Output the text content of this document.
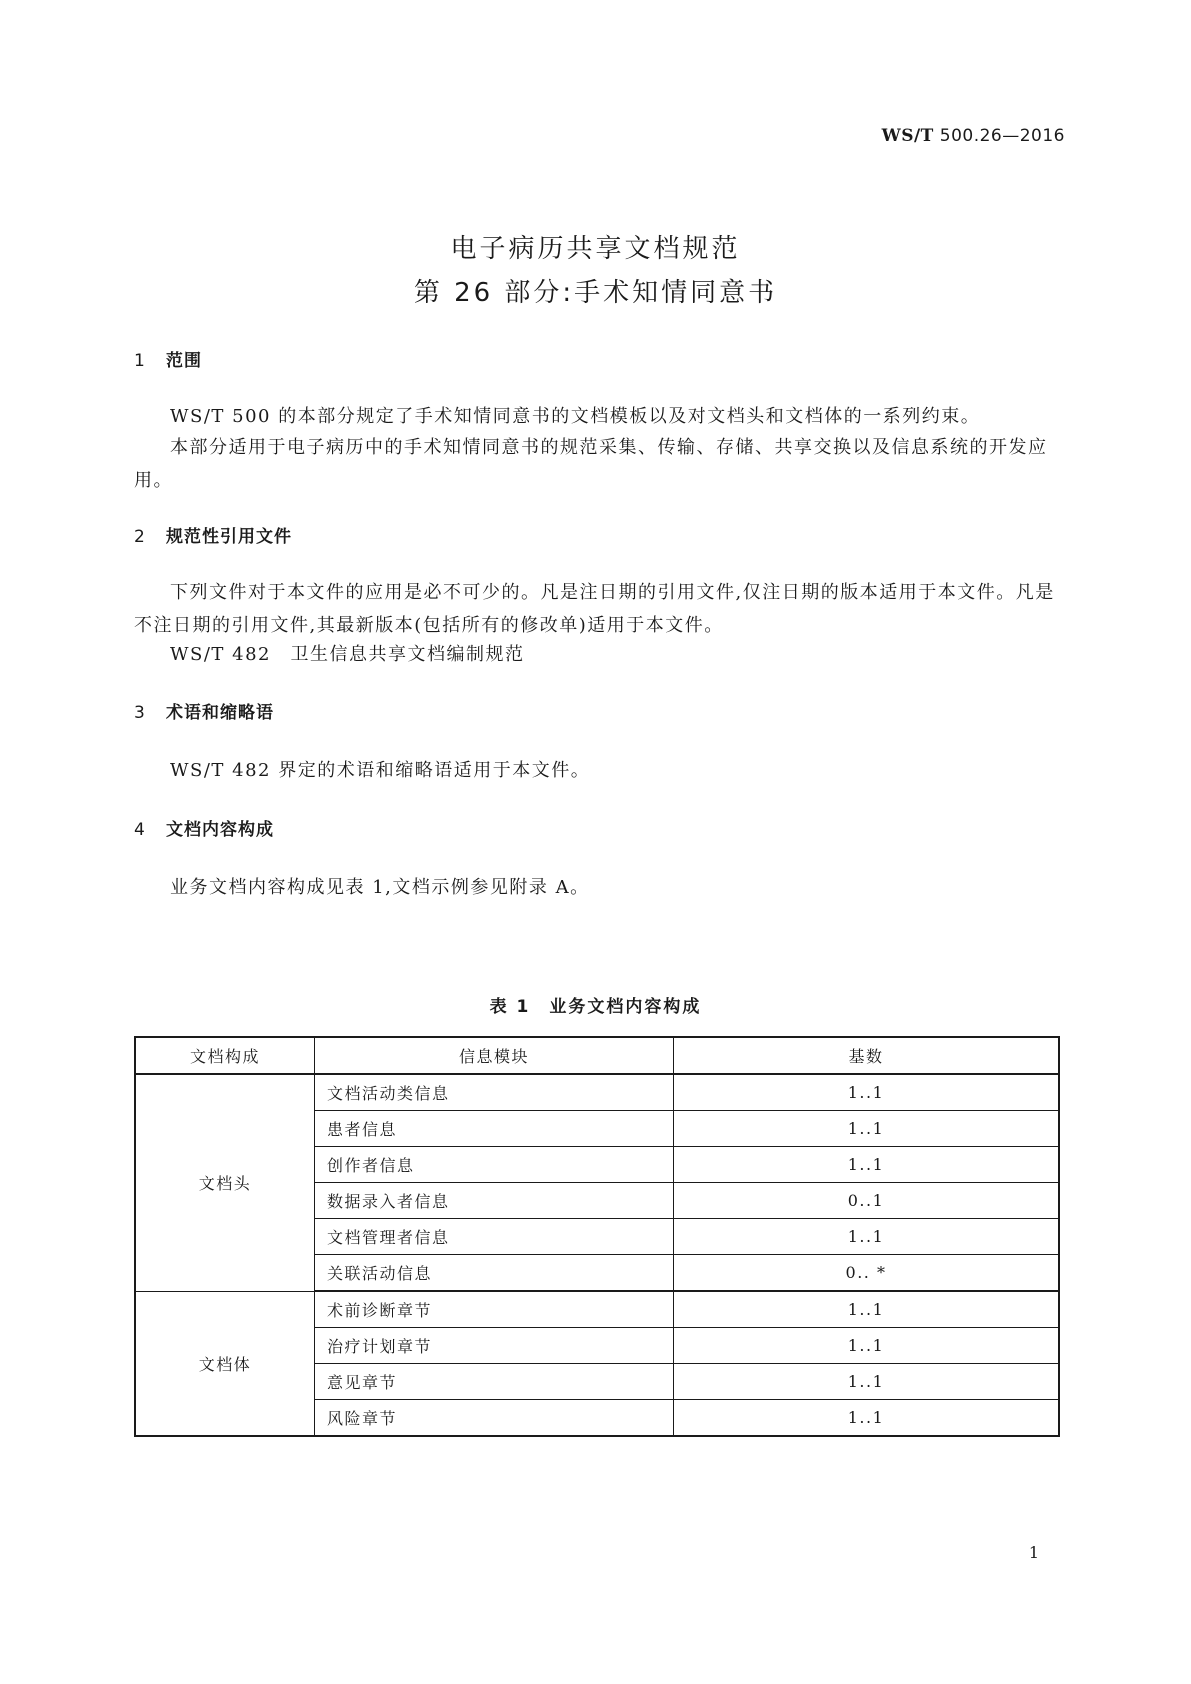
WS/T 500.26—2016
电子病历共享文档规范
第 26 部分:手术知情同意书
1 范围

WS/T 500 的本部分规定了手术知情同意书的文档模板以及对文档头和文档体的一系列约束。

本部分适用于电子病历中的手术知情同意书的规范采集、传输、存储、共享交换以及信息系统的开发应用。

2 规范性引用文件

下列文件对于本文件的应用是必不可少的。凡是注日期的引用文件,仅注日期的版本适用于本文件。凡是不注日期的引用文件,其最新版本(包括所有的修改单)适用于本文件。

WS/T 482　卫生信息共享文档编制规范

3 术语和缩略语

WS/T 482 界定的术语和缩略语适用于本文件。

4 文档内容构成

业务文档内容构成见表 1,文档示例参见附录 A。

表 1　业务文档内容构成
文档构成	信息模块	基数
文档头	文档活动类信息	1..1
	患者信息	1..1
	创作者信息	1..1
	数据录入者信息	0..1
	文档管理者信息	1..1
	关联活动信息	0.. *
文档体	术前诊断章节	1..1
	治疗计划章节	1..1
	意见章节	1..1
	风险章节	1..1
1
